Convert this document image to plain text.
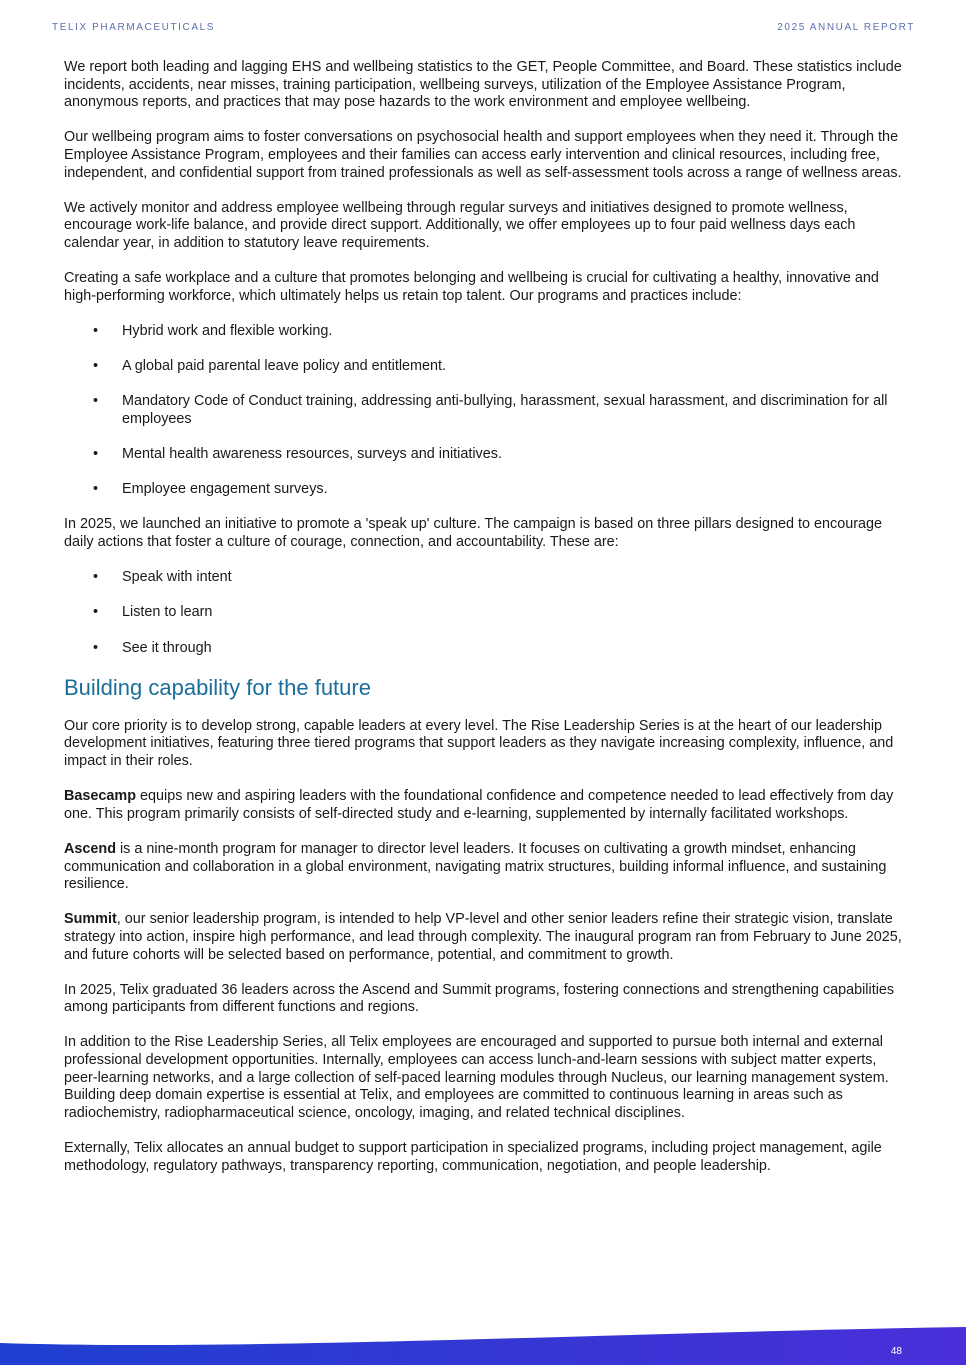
TELIX PHARMACEUTICALS	2025 ANNUAL REPORT

We report both leading and lagging EHS and wellbeing statistics to the GET, People Committee, and Board. These statistics include incidents, accidents, near misses, training participation, wellbeing surveys, utilization of the Employee Assistance Program, anonymous reports, and practices that may pose hazards to the work environment and employee wellbeing.

Our wellbeing program aims to foster conversations on psychosocial health and support employees when they need it. Through the Employee Assistance Program, employees and their families can access early intervention and clinical resources, including free, independent, and confidential support from trained professionals as well as self-assessment tools across a range of wellness areas.

We actively monitor and address employee wellbeing through regular surveys and initiatives designed to promote wellness, encourage work-life balance, and provide direct support. Additionally, we offer employees up to four paid wellness days each calendar year, in addition to statutory leave requirements.

Creating a safe workplace and a culture that promotes belonging and wellbeing is crucial for cultivating a healthy, innovative and high-performing workforce, which ultimately helps us retain top talent. Our programs and practices include:

• Hybrid work and flexible working.
• A global paid parental leave policy and entitlement.
• Mandatory Code of Conduct training, addressing anti-bullying, harassment, sexual harassment, and discrimination for all employees
• Mental health awareness resources, surveys and initiatives.
• Employee engagement surveys.

In 2025, we launched an initiative to promote a 'speak up' culture. The campaign is based on three pillars designed to encourage daily actions that foster a culture of courage, connection, and accountability. These are:

• Speak with intent
• Listen to learn
• See it through
Building capability for the future

Our core priority is to develop strong, capable leaders at every level. The Rise Leadership Series is at the heart of our leadership development initiatives, featuring three tiered programs that support leaders as they navigate increasing complexity, influence, and impact in their roles.

Basecamp equips new and aspiring leaders with the foundational confidence and competence needed to lead effectively from day one. This program primarily consists of self-directed study and e-learning, supplemented by internally facilitated workshops.

Ascend is a nine-month program for manager to director level leaders. It focuses on cultivating a growth mindset, enhancing communication and collaboration in a global environment, navigating matrix structures, building informal influence, and sustaining resilience.

Summit, our senior leadership program, is intended to help VP-level and other senior leaders refine their strategic vision, translate strategy into action, inspire high performance, and lead through complexity. The inaugural program ran from February to June 2025, and future cohorts will be selected based on performance, potential, and commitment to growth.

In 2025, Telix graduated 36 leaders across the Ascend and Summit programs, fostering connections and strengthening capabilities among participants from different functions and regions.

In addition to the Rise Leadership Series, all Telix employees are encouraged and supported to pursue both internal and external professional development opportunities. Internally, employees can access lunch-and-learn sessions with subject matter experts, peer-learning networks, and a large collection of self-paced learning modules through Nucleus, our learning management system. Building deep domain expertise is essential at Telix, and employees are committed to continuous learning in areas such as radiochemistry, radiopharmaceutical science, oncology, imaging, and related technical disciplines.

Externally, Telix allocates an annual budget to support participation in specialized programs, including project management, agile methodology, regulatory pathways, transparency reporting, communication, negotiation, and people leadership.

48
